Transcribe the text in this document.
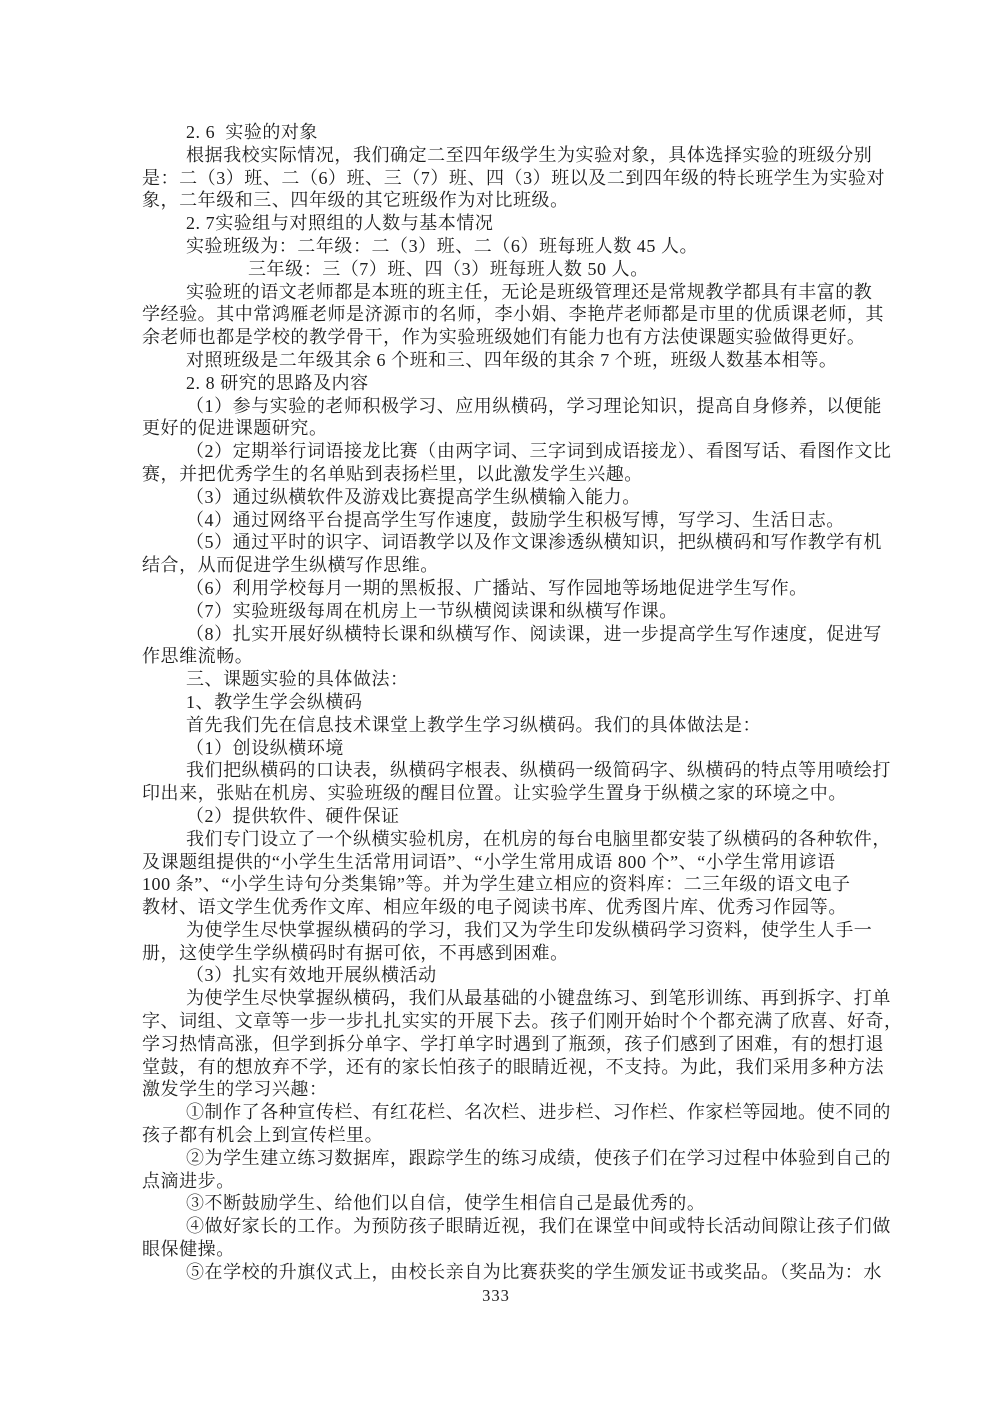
2. 6  实验的对象
根据我校实际情况，我们确定二至四年级学生为实验对象，具体选择实验的班级分别
是：二（3）班、二（6）班、三（7）班、四（3）班以及二到四年级的特长班学生为实验对
象，二年级和三、四年级的其它班级作为对比班级。
2. 7实验组与对照组的人数与基本情况
实验班级为：二年级：二（3）班、二（6）班每班人数 45 人。
三年级：三（7）班、四（3）班每班人数 50 人。
实验班的语文老师都是本班的班主任，无论是班级管理还是常规教学都具有丰富的教
学经验。其中常鸿雁老师是济源市的名师，李小娟、李艳芹老师都是市里的优质课老师，其
余老师也都是学校的教学骨干，作为实验班级她们有能力也有方法使课题实验做得更好。
对照班级是二年级其余 6 个班和三、四年级的其余 7 个班，班级人数基本相等。
2. 8 研究的思路及内容
（1）参与实验的老师积极学习、应用纵横码，学习理论知识，提高自身修养，以便能
更好的促进课题研究。
（2）定期举行词语接龙比赛（由两字词、三字词到成语接龙）、看图写话、看图作文比
赛，并把优秀学生的名单贴到表扬栏里，以此激发学生兴趣。
（3）通过纵横软件及游戏比赛提高学生纵横输入能力。
（4）通过网络平台提高学生写作速度，鼓励学生积极写博，写学习、生活日志。
（5）通过平时的识字、词语教学以及作文课渗透纵横知识，把纵横码和写作教学有机
结合，从而促进学生纵横写作思维。
（6）利用学校每月一期的黑板报、广播站、写作园地等场地促进学生写作。
（7）实验班级每周在机房上一节纵横阅读课和纵横写作课。
（8）扎实开展好纵横特长课和纵横写作、阅读课，进一步提高学生写作速度，促进写
作思维流畅。
三、课题实验的具体做法：
1、教学生学会纵横码
首先我们先在信息技术课堂上教学生学习纵横码。我们的具体做法是：
（1）创设纵横环境
我们把纵横码的口诀表，纵横码字根表、纵横码一级简码字、纵横码的特点等用喷绘打
印出来，张贴在机房、实验班级的醒目位置。让实验学生置身于纵横之家的环境之中。
（2）提供软件、硬件保证
我们专门设立了一个纵横实验机房，在机房的每台电脑里都安装了纵横码的各种软件，
及课题组提供的“小学生生活常用词语”、“小学生常用成语 800 个”、“小学生常用谚语
100 条”、“小学生诗句分类集锦”等。并为学生建立相应的资料库：二三年级的语文电子
教材、语文学生优秀作文库、相应年级的电子阅读书库、优秀图片库、优秀习作园等。
为使学生尽快掌握纵横码的学习，我们又为学生印发纵横码学习资料，使学生人手一
册，这使学生学纵横码时有据可依，不再感到困难。
（3）扎实有效地开展纵横活动
为使学生尽快掌握纵横码，我们从最基础的小键盘练习、到笔形训练、再到拆字、打单
字、词组、文章等一步一步扎扎实实的开展下去。孩子们刚开始时个个都充满了欣喜、好奇，
学习热情高涨，但学到拆分单字、学打单字时遇到了瓶颈，孩子们感到了困难，有的想打退
堂鼓，有的想放弃不学，还有的家长怕孩子的眼睛近视，不支持。为此，我们采用多种方法
激发学生的学习兴趣：
①制作了各种宣传栏、有红花栏、名次栏、进步栏、习作栏、作家栏等园地。使不同的
孩子都有机会上到宣传栏里。
②为学生建立练习数据库，跟踪学生的练习成绩，使孩子们在学习过程中体验到自己的
点滴进步。
③不断鼓励学生、给他们以自信，使学生相信自己是最优秀的。
④做好家长的工作。为预防孩子眼睛近视，我们在课堂中间或特长活动间隙让孩子们做
眼保健操。
⑤在学校的升旗仪式上，由校长亲自为比赛获奖的学生颁发证书或奖品。（奖品为：水
333
